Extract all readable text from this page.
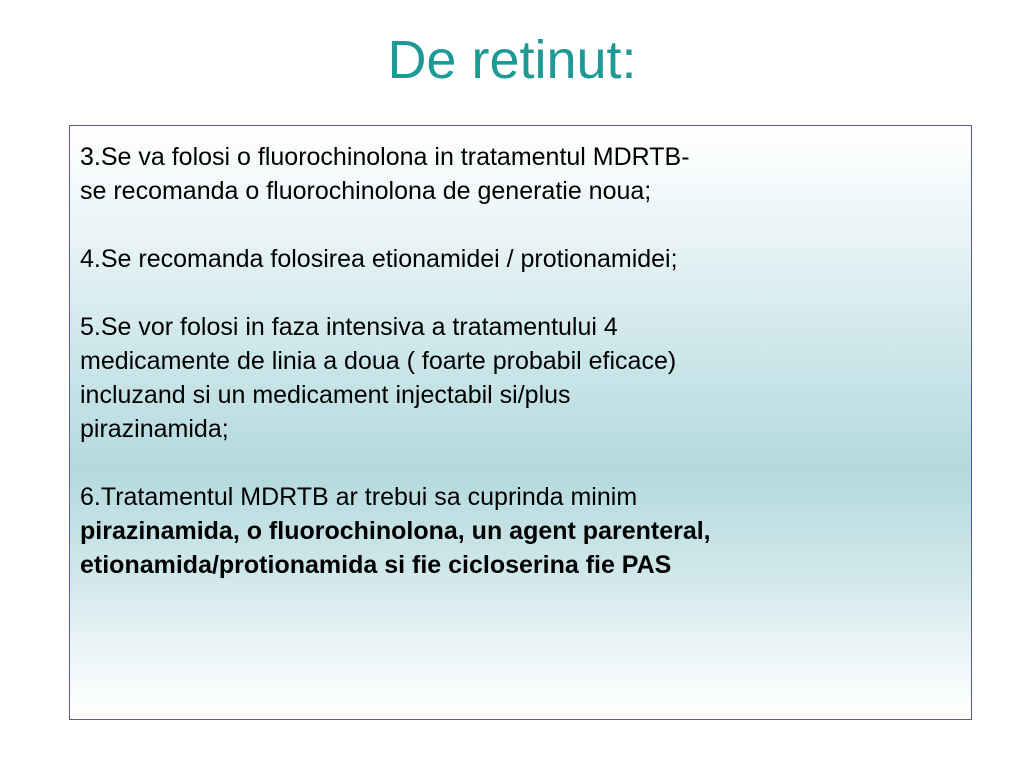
De retinut:
3.Se va folosi o fluorochinolona in tratamentul MDRTB-
se recomanda o fluorochinolona de generatie noua;
4.Se recomanda folosirea etionamidei / protionamidei;
5.Se vor folosi in faza intensiva a tratamentului 4
medicamente de linia a doua ( foarte probabil eficace)
incluzand si un medicament injectabil si/plus
pirazinamida;
6.Tratamentul MDRTB ar trebui sa cuprinda minim
pirazinamida, o fluorochinolona, un agent parenteral,
etionamida/protionamida si fie cicloserina fie PAS
